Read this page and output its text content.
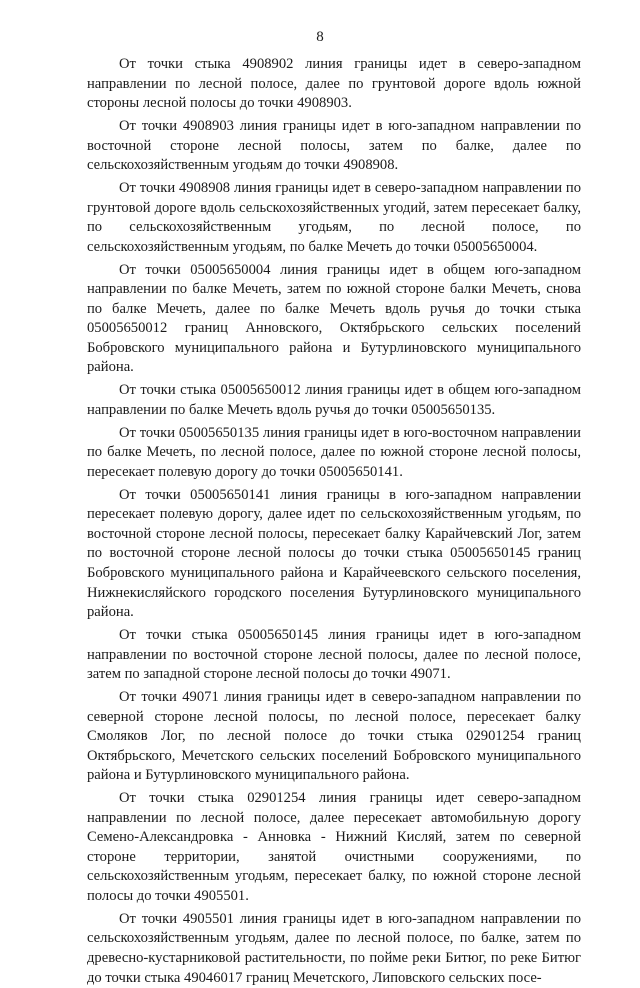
8

От точки стыка 4908902 линия границы идет в северо-западном направлении по лесной полосе, далее по грунтовой дороге вдоль южной стороны лесной полосы до точки 4908903.

От точки 4908903 линия границы идет в юго-западном направлении по восточной стороне лесной полосы, затем по балке, далее по сельскохозяйственным угодьям до точки 4908908.

От точки 4908908 линия границы идет в северо-западном направлении по грунтовой дороге вдоль сельскохозяйственных угодий, затем пересекает балку, по сельскохозяйственным угодьям, по лесной полосе, по сельскохозяйственным угодьям, по балке Мечеть до точки 05005650004.

От точки 05005650004 линия границы идет в общем юго-западном направлении по балке Мечеть, затем по южной стороне балки Мечеть, снова по балке Мечеть, далее по балке Мечеть вдоль ручья до точки стыка 05005650012 границ Анновского, Октябрьского сельских поселений Бобровского муниципального района и Бутурлиновского муниципального района.

От точки стыка 05005650012 линия границы идет в общем юго-западном направлении по балке Мечеть вдоль ручья до точки 05005650135.

От точки 05005650135 линия границы идет в юго-восточном направлении по балке Мечеть, по лесной полосе, далее по южной стороне лесной полосы, пересекает полевую дорогу до точки 05005650141.

От точки 05005650141 линия границы в юго-западном направлении пересекает полевую дорогу, далее идет по сельскохозяйственным угодьям, по восточной стороне лесной полосы, пересекает балку Карайчевский Лог, затем по восточной стороне лесной полосы до точки стыка 05005650145 границ Бобровского муниципального района и Карайчеевского сельского поселения, Нижнекисляйского городского поселения Бутурлиновского муниципального района.

От точки стыка 05005650145 линия границы идет в юго-западном направлении по восточной стороне лесной полосы, далее по лесной полосе, затем по западной стороне лесной полосы до точки 49071.

От точки 49071 линия границы идет в северо-западном направлении по северной стороне лесной полосы, по лесной полосе, пересекает балку Смоляков Лог, по лесной полосе до точки стыка 02901254 границ Октябрьского, Мечетского сельских поселений Бобровского муниципального района и Бутурлиновского муниципального района.

От точки стыка 02901254 линия границы идет северо-западном направлении по лесной полосе, далее пересекает автомобильную дорогу Семено-Александровка - Анновка - Нижний Кисляй, затем по северной стороне территории, занятой очистными сооружениями, по сельскохозяйственным угодьям, пересекает балку, по южной стороне лесной полосы до точки 4905501.

От точки 4905501 линия границы идет в юго-западном направлении по сельскохозяйственным угодьям, далее по лесной полосе, по балке, затем по древесно-кустарниковой растительности, по пойме реки Битюг, по реке Битюг до точки стыка 49046017 границ Мечетского, Липовского сельских посе-
